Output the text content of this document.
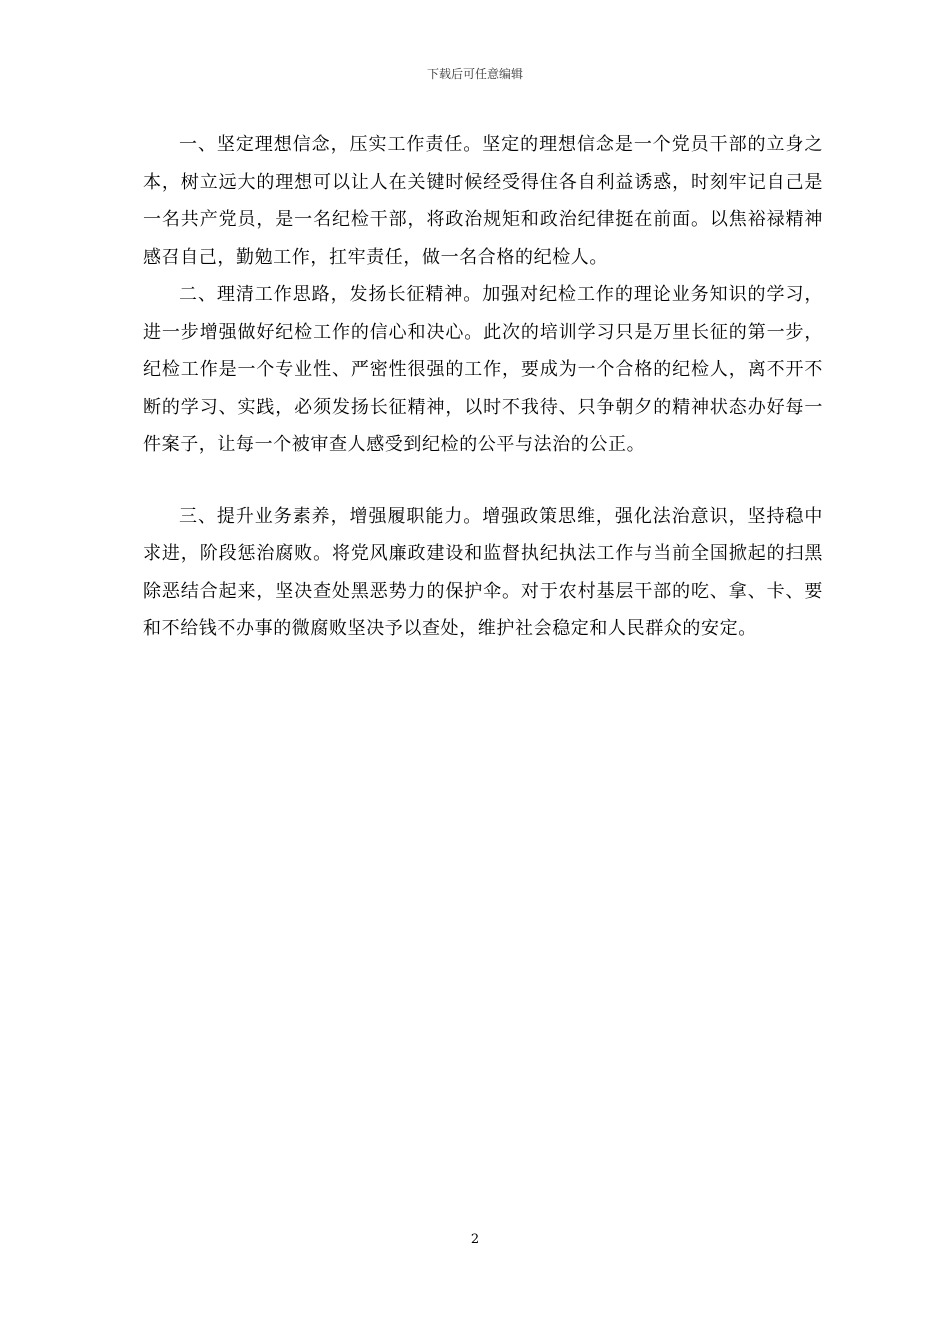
下载后可任意编辑

一、坚定理想信念，压实工作责任。坚定的理想信念是一个党员干部的立身之本，树立远大的理想可以让人在关键时候经受得住各自利益诱惑，时刻牢记自己是一名共产党员，是一名纪检干部，将政治规矩和政治纪律挺在前面。以焦裕禄精神感召自己，勤勉工作，扛牢责任，做一名合格的纪检人。

二、理清工作思路，发扬长征精神。加强对纪检工作的理论业务知识的学习，进一步增强做好纪检工作的信心和决心。此次的培训学习只是万里长征的第一步，纪检工作是一个专业性、严密性很强的工作，要成为一个合格的纪检人，离不开不断的学习、实践，必须发扬长征精神，以时不我待、只争朝夕的精神状态办好每一件案子，让每一个被审查人感受到纪检的公平与法治的公正。

三、提升业务素养，增强履职能力。增强政策思维，强化法治意识，坚持稳中求进，阶段惩治腐败。将党风廉政建设和监督执纪执法工作与当前全国掀起的扫黑除恶结合起来，坚决查处黑恶势力的保护伞。对于农村基层干部的吃、拿、卡、要和不给钱不办事的微腐败坚决予以查处，维护社会稳定和人民群众的安定。

2
